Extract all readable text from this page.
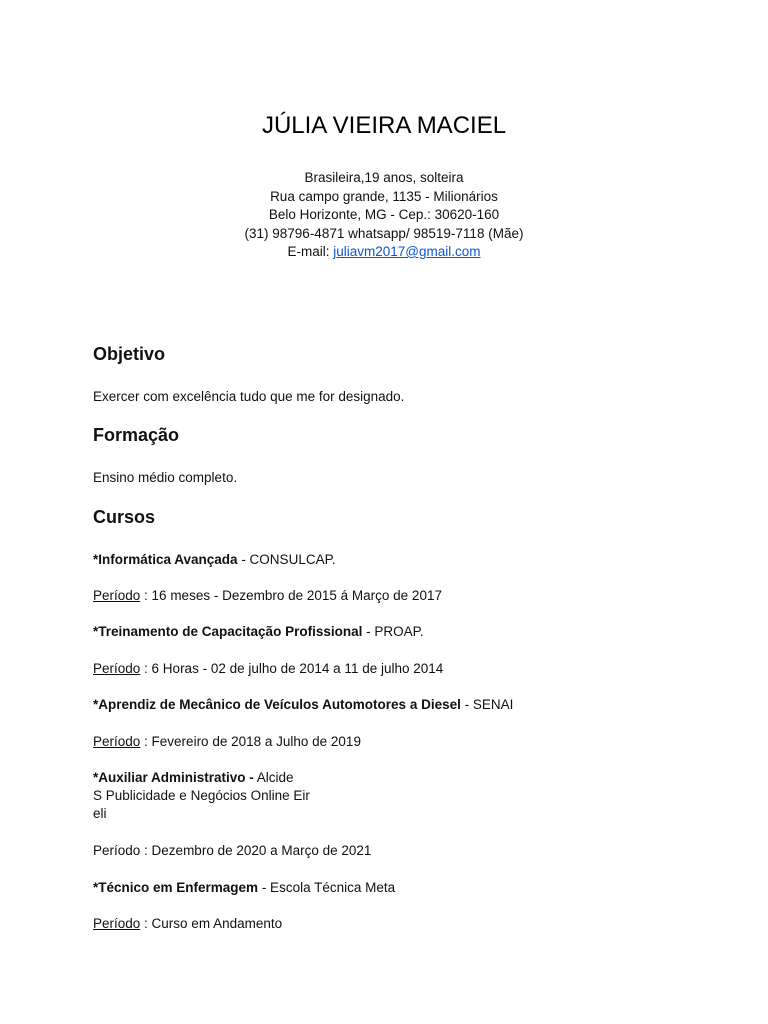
JÚLIA VIEIRA MACIEL
Brasileira,19 anos, solteira
Rua campo grande, 1135 - Milionários
Belo Horizonte, MG - Cep.: 30620-160
(31) 98796-4871 whatsapp/ 98519-7118 (Mãe)
E-mail: juliavm2017@gmail.com
Objetivo
Exercer com excelência tudo que me for designado.
Formação
Ensino médio completo.
Cursos
*Informática Avançada - CONSULCAP.
Período : 16 meses - Dezembro de 2015 á Março de 2017
*Treinamento de Capacitação Profissional - PROAP.
Período : 6 Horas - 02 de julho de 2014 a 11 de julho 2014
*Aprendiz de Mecânico de Veículos Automotores a Diesel - SENAI
Período : Fevereiro de 2018 a Julho de 2019
*Auxiliar Administrativo - Alcide
S Publicidade e Negócios Online Eir
eli
Período : Dezembro de 2020 a Março de 2021
*Técnico em Enfermagem - Escola Técnica Meta
Período : Curso em Andamento
